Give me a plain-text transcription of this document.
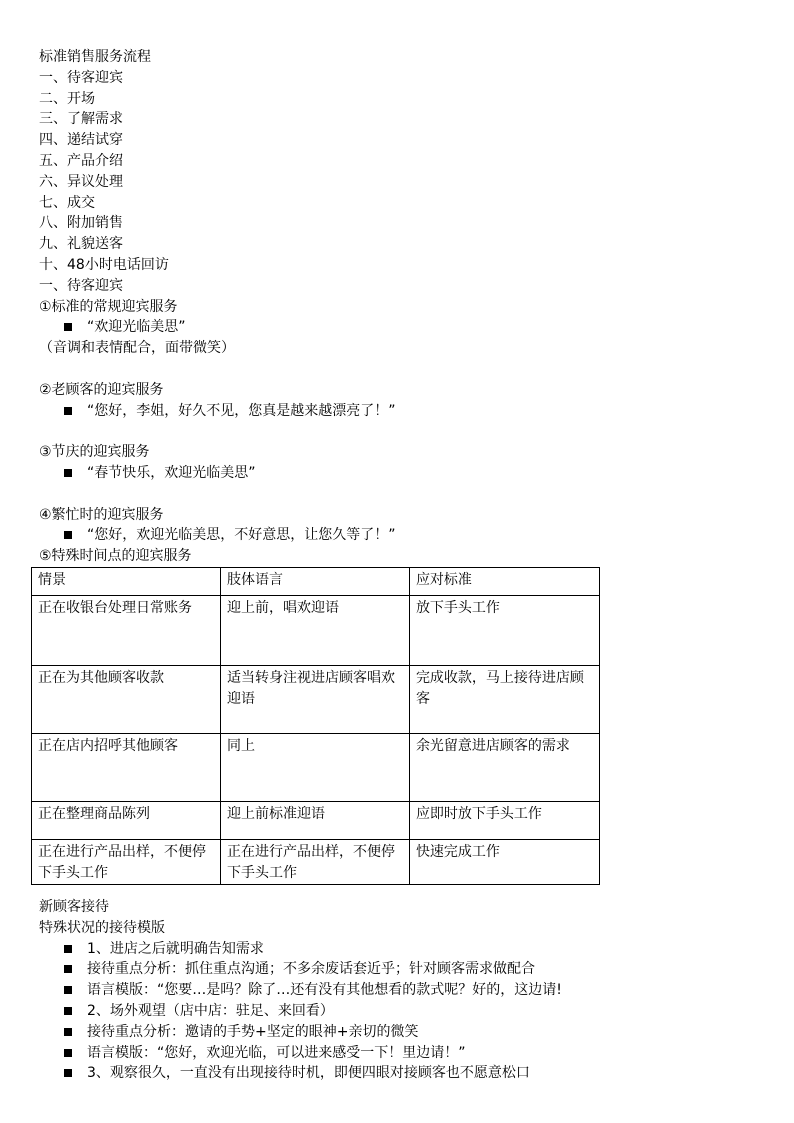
标准销售服务流程
一、待客迎宾
二、开场
三、了解需求
四、递结试穿
五、产品介绍
六、异议处理
七、成交
八、附加销售
九、礼貌送客
十、48小时电话回访
一、待客迎宾
①标准的常规迎宾服务
“欢迎光临美思”
（音调和表情配合，面带微笑）
②老顾客的迎宾服务
“您好，李姐，好久不见，您真是越来越漂亮了！”
③节庆的迎宾服务
“春节快乐，欢迎光临美思”
④繁忙时的迎宾服务
“您好，欢迎光临美思，不好意思，让您久等了！”
⑤特殊时间点的迎宾服务
情景	肢体语言	应对标准
正在收银台处理日常账务	迎上前，唱欢迎语	放下手头工作
正在为其他顾客收款	适当转身注视进店顾客唱欢迎语	完成收款，马上接待进店顾客
正在店内招呼其他顾客	同上	余光留意进店顾客的需求
正在整理商品陈列	迎上前标准迎语	应即时放下手头工作
正在进行产品出样，不便停下手头工作	正在进行产品出样，不便停下手头工作	快速完成工作
新顾客接待
特殊状况的接待模版
1、进店之后就明确告知需求
接待重点分析：抓住重点沟通；不多余废话套近乎；针对顾客需求做配合
语言模版：“您要…是吗？除了…还有没有其他想看的款式呢？好的，这边请!
2、场外观望（店中店：驻足、来回看）
接待重点分析：邀请的手势+坚定的眼神+亲切的微笑
语言模版：“您好，欢迎光临，可以进来感受一下！里边请！”
3、观察很久，一直没有出现接待时机，即便四眼对接顾客也不愿意松口
